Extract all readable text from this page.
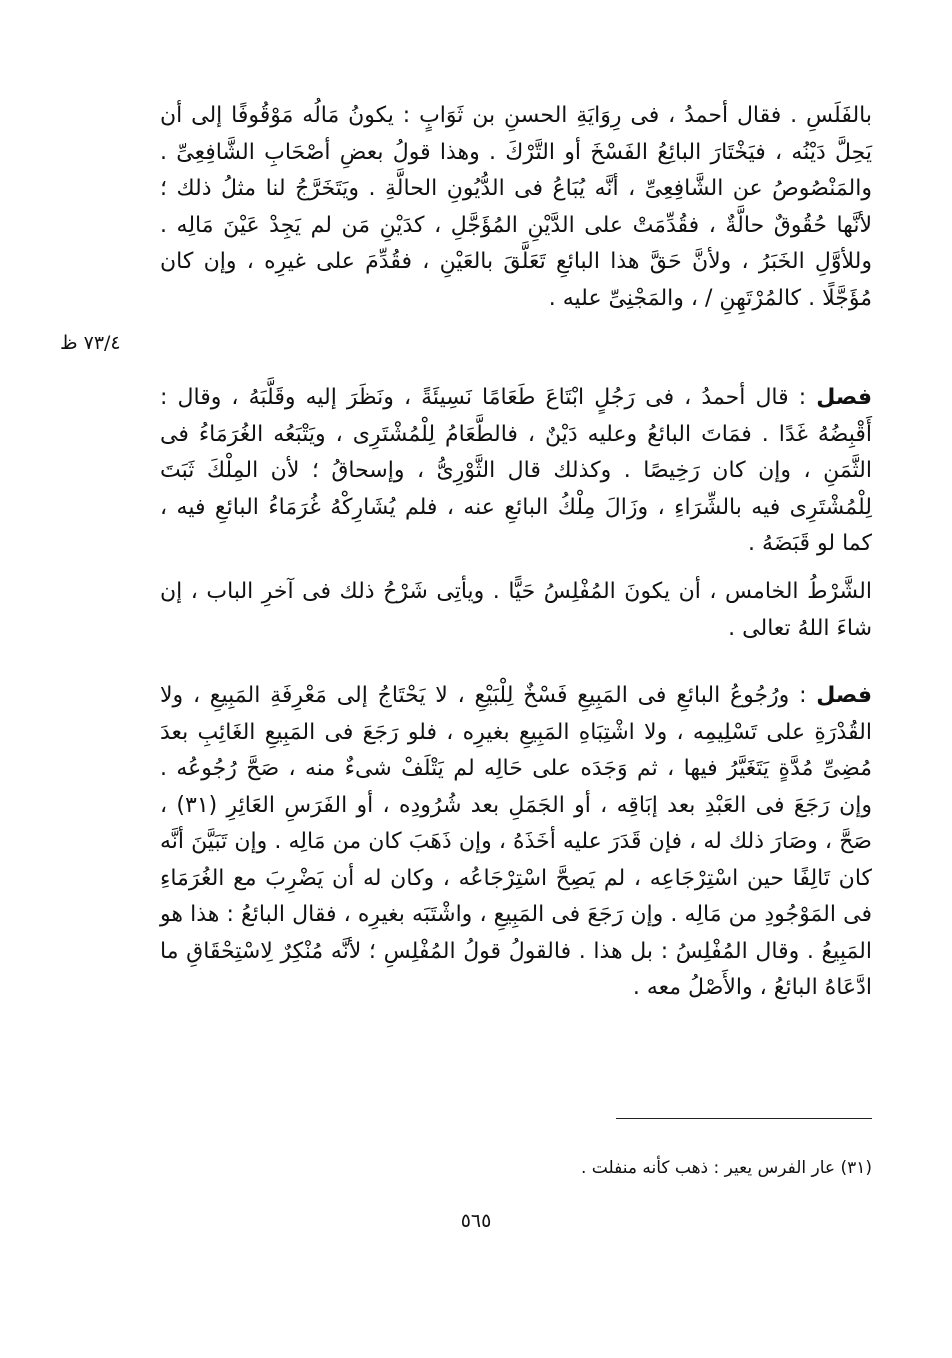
بالفَلَسِ . فقال أحمدُ ، فى رِوَايَةِ الحسنِ بن ثَوَابٍ : يكونُ مَالُه مَوْقُوفًا إلى أن يَحِلَّ دَيْنُه ، فيَخْتَارَ البائِعُ الفَسْخَ أو التَّرْكَ . وهذا قولُ بعضِ أصْحَابِ الشَّافِعِىِّ . والمَنْصُوصُ عن الشَّافِعِىِّ ، أنَّه يُبَاعُ فى الدُّيُونِ الحالَّةِ . ويَتَخَرَّجُ لنا مثلُ ذلك ؛ لأنَّها حُقُوقٌ حالَّةٌ ، فقُدِّمَتْ على الدَّيْنِ المُؤَجَّلِ ، كدَيْنِ مَن لم يَجِدْ عَيْنَ مَالِه . وللأوَّلِ الخَبَرُ ، ولأنَّ حَقَّ هذا البائعِ تَعَلَّقَ بالعَيْنِ ، فقُدِّمَ على غيرِه ، وإن كان مُؤَجَّلًا . كالمُرْتَهِنِ / ، والمَجْنِىِّ عليه .

٧٣/٤ ظ

فصل : قال أحمدُ ، فى رَجُلٍ ابْتَاعَ طَعَامًا نَسِيئَةً ، ونَظَرَ إليه وقَلَّبَهُ ، وقال : أَقْبِضُهُ غَدًا . فمَاتَ البائعُ وعليه دَيْنٌ ، فالطَّعَامُ لِلْمُشْتَرِى ، ويَتْبَعُه الغُرَمَاءُ فى الثَّمَنِ ، وإن كان رَخِيصًا . وكذلك قال الثَّوْرِىُّ ، وإسحاقُ ؛ لأن المِلْكَ ثَبَتَ لِلْمُشْتَرِى فيه بالشِّرَاءِ ، وزَالَ مِلْكُ البائعِ عنه ، فلم يُشَارِكْهُ غُرَمَاءُ البائعِ فيه ، كما لو قَبَضَهُ .

الشَّرْطُ الخامس ، أن يكونَ المُفْلِسُ حَيًّا . ويأتِى شَرْحُ ذلك فى آخرِ الباب ، إن شاءَ اللهُ تعالى .

فصل : ورُجُوعُ البائعِ فى المَبِيعِ فَسْخٌ لِلْبَيْعِ ، لا يَحْتَاجُ إلى مَعْرِفَةِ المَبِيعِ ، ولا القُدْرَةِ على تَسْلِيمِه ، ولا اشْتِبَاهِ المَبِيعِ بغيرِه ، فلو رَجَعَ فى المَبِيعِ الغَائِبِ بعدَ مُضِىِّ مُدَّةٍ يَتَغَيَّرُ فيها ، ثم وَجَدَه على حَالِه لم يَتْلَفْ شىءٌ منه ، صَحَّ رُجُوعُه . وإن رَجَعَ فى العَبْدِ بعد إبَاقِه ، أو الجَمَلِ بعد شُرُودِه ، أو الفَرَسِ العَائِرِ (٣١) ، صَحَّ ، وصَارَ ذلك له ، فإن قَدَرَ عليه أخَذَهُ ، وإن ذَهَبَ كان من مَالِه . وإن تَبَيَّنَ أنَّه كان تَالِفًا حين اسْتِرْجَاعِه ، لم يَصِحَّ اسْتِرْجَاعُه ، وكان له أن يَضْرِبَ مع الغُرَمَاءِ فى المَوْجُودِ من مَالِه . وإن رَجَعَ فى المَبِيعِ ، واشْتَبَه بغيرِه ، فقال البائعُ : هذا هو المَبِيعُ . وقال المُفْلِسُ : بل هذا . فالقولُ قولُ المُفْلِسِ ؛ لأنَّه مُنْكِرٌ لِاسْتِحْقَاقِ ما ادَّعَاهُ البائعُ ، والأَصْلُ معه .

(٣١) عار الفرس يعير : ذهب كأنه منفلت .
٥٦٥
